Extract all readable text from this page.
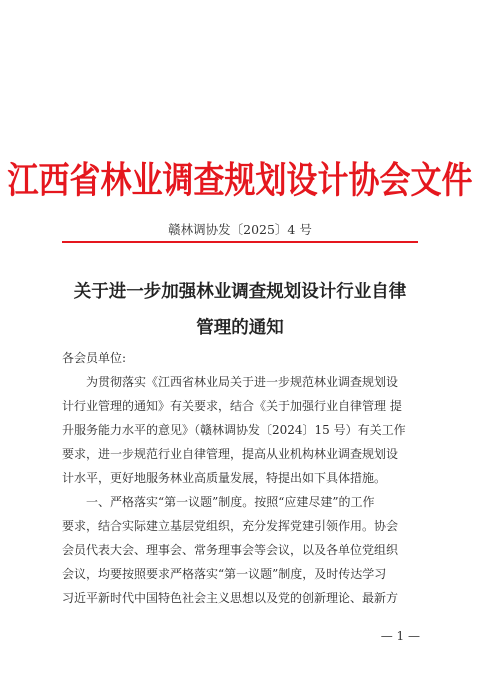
江西省林业调查规划设计协会文件
赣林调协发〔2025〕4 号
关于进一步加强林业调查规划设计行业自律
管理的通知
各会员单位:
为贯彻落实《江西省林业局关于进一步规范林业调查规划设
计行业管理的通知》有关要求，结合《关于加强行业自律管理 提
升服务能力水平的意见》（赣林调协发〔2024〕15 号）有关工作
要求，进一步规范行业自律管理，提高从业机构林业调查规划设
计水平，更好地服务林业高质量发展，特提出如下具体措施。
一、严格落实“第一议题”制度。按照“应建尽建”的工作
要求，结合实际建立基层党组织，充分发挥党建引领作用。协会
会员代表大会、理事会、常务理事会等会议，以及各单位党组织
会议，均要按照要求严格落实“第一议题”制度，及时传达学习
习近平新时代中国特色社会主义思想以及党的创新理论、最新方
— 1 —
